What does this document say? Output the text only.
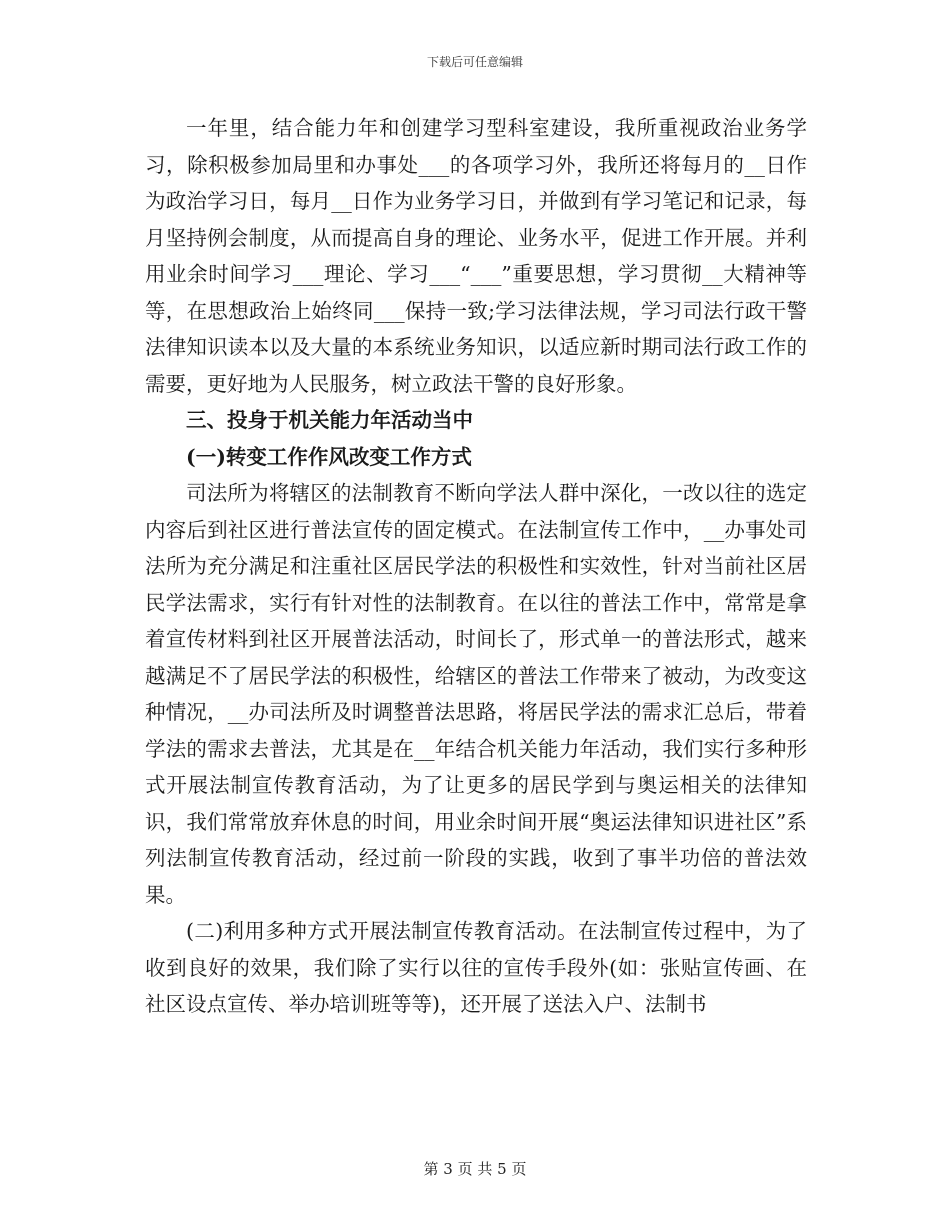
下载后可任意编辑

一年里，结合能力年和创建学习型科室建设，我所重视政治业务学习，除积极参加局里和办事处___的各项学习外，我所还将每月的__日作为政治学习日，每月__日作为业务学习日，并做到有学习笔记和记录，每月坚持例会制度，从而提高自身的理论、业务水平，促进工作开展。并利用业余时间学习___理论、学习___“___”重要思想，学习贯彻__大精神等等，在思想政治上始终同___保持一致;学习法律法规，学习司法行政干警法律知识读本以及大量的本系统业务知识，以适应新时期司法行政工作的需要，更好地为人民服务，树立政法干警的良好形象。

三、投身于机关能力年活动当中

(一)转变工作作风改变工作方式

司法所为将辖区的法制教育不断向学法人群中深化，一改以往的选定内容后到社区进行普法宣传的固定模式。在法制宣传工作中，__办事处司法所为充分满足和注重社区居民学法的积极性和实效性，针对当前社区居民学法需求，实行有针对性的法制教育。在以往的普法工作中，常常是拿着宣传材料到社区开展普法活动，时间长了，形式单一的普法形式，越来越满足不了居民学法的积极性，给辖区的普法工作带来了被动，为改变这种情况，__办司法所及时调整普法思路，将居民学法的需求汇总后，带着学法的需求去普法，尤其是在__年结合机关能力年活动，我们实行多种形式开展法制宣传教育活动，为了让更多的居民学到与奥运相关的法律知识，我们常常放弃休息的时间，用业余时间开展“奥运法律知识进社区”系列法制宣传教育活动，经过前一阶段的实践，收到了事半功倍的普法效果。

(二)利用多种方式开展法制宣传教育活动。在法制宣传过程中，为了收到良好的效果，我们除了实行以往的宣传手段外(如：张贴宣传画、在社区设点宣传、举办培训班等等)，还开展了送法入户、法制书

第 3 页 共 5 页
